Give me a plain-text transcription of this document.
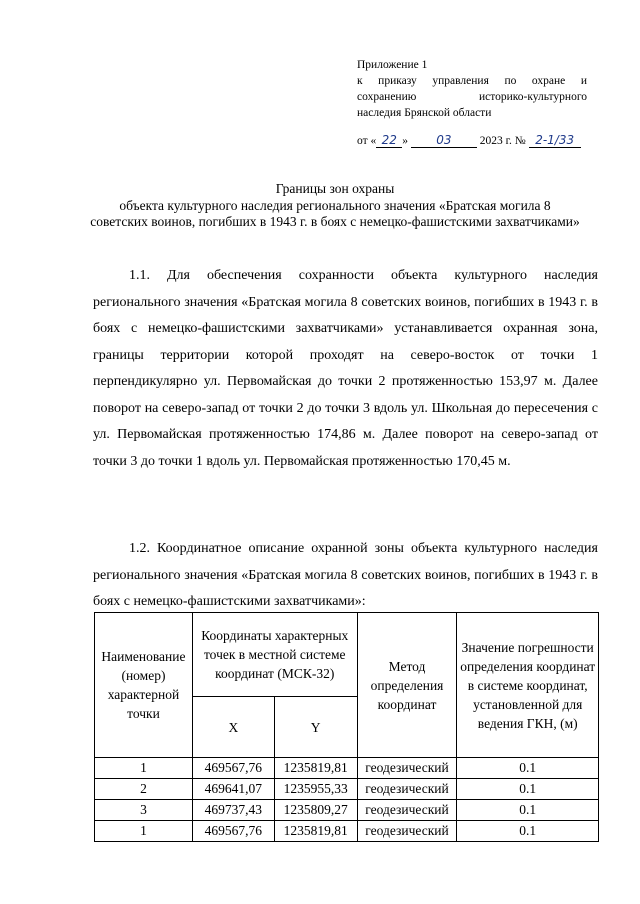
Приложение 1
к приказу управления по охране и
сохранению историко-культурного
наследия Брянской области
от « 22 » 03 2023 г. № 2-1/33
Границы зон охраны
объекта культурного наследия регионального значения «Братская могила 8 советских воинов, погибших в 1943 г. в боях с немецко-фашистскими захватчиками»
1.1. Для обеспечения сохранности объекта культурного наследия регионального значения «Братская могила 8 советских воинов, погибших в 1943 г. в боях с немецко-фашистскими захватчиками» устанавливается охранная зона, границы территории которой проходят на северо-восток от точки 1 перпендикулярно ул. Первомайская до точки 2 протяженностью 153,97 м. Далее поворот на северо-запад от точки 2 до точки 3 вдоль ул. Школьная до пересечения с ул. Первомайская протяженностью 174,86 м. Далее поворот на северо-запад от точки 3 до точки 1 вдоль ул. Первомайская протяженностью 170,45 м.
1.2. Координатное описание охранной зоны объекта культурного наследия регионального значения «Братская могила 8 советских воинов, погибших в 1943 г. в боях с немецко-фашистскими захватчиками»:
Наименование (номер) характерной точки	Координаты характерных точек в местной системе координат (МСК-32)		Метод определения координат	Значение погрешности определения координат в системе координат, установленной для ведения ГКН, (м)
	X	Y		
1	469567,76	1235819,81	геодезический	0.1
2	469641,07	1235955,33	геодезический	0.1
3	469737,43	1235809,27	геодезический	0.1
1	469567,76	1235819,81	геодезический	0.1
